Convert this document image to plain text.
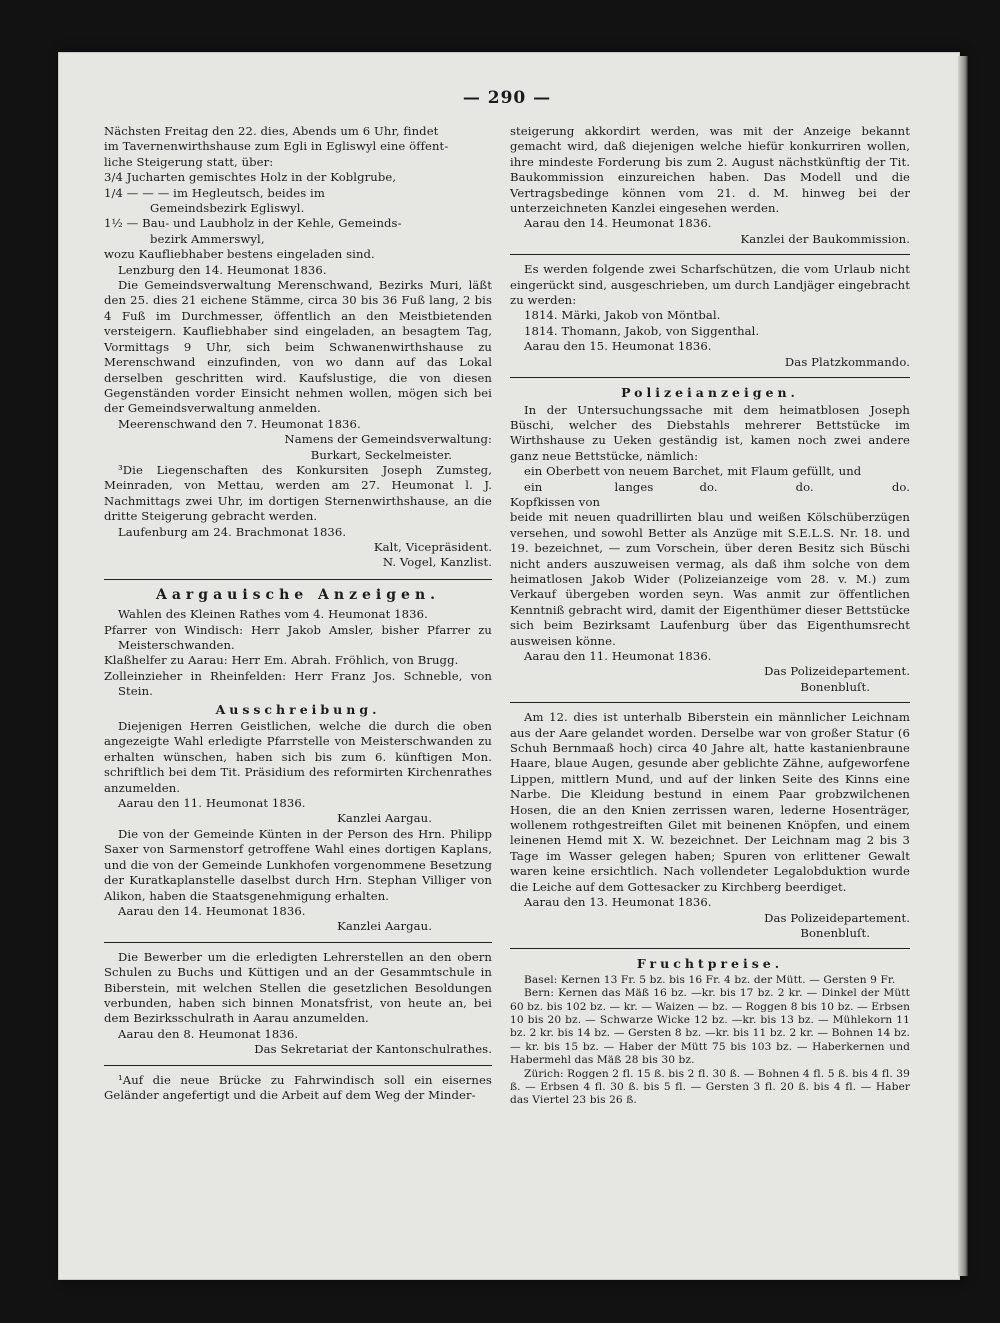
— 290 —

Nächsten Freitag den 22. dies, Abends um 6 Uhr, findet

im Tavernenwirthshause zum Egli in Egliswyl eine öffent-

liche Steigerung statt, über:

3/4 Jucharten gemischtes Holz in der Koblgrube,

1/4 — — — im Hegleutsch, beides im

Gemeindsbezirk Egliswyl.

1½ — Bau- und Laubholz in der Kehle, Gemeinds-

bezirk Ammerswyl,

wozu Kaufliebhaber bestens eingeladen sind.

Lenzburg den 14. Heumonat 1836.

Die Gemeindsverwaltung Merenschwand, Bezirks Muri, läßt den 25. dies 21 eichene Stämme, circa 30 bis 36 Fuß lang, 2 bis 4 Fuß im Durchmesser, öffentlich an den Meistbietenden versteigern. Kaufliebhaber sind eingeladen, an besagtem Tag, Vormittags 9 Uhr, sich beim Schwanenwirthshause zu Merenschwand einzufinden, von wo dann auf das Lokal derselben geschritten wird. Kaufslustige, die von diesen Gegenständen vorder Einsicht nehmen wollen, mögen sich bei der Gemeindsverwaltung anmelden.

Meerenschwand den 7. Heumonat 1836.

Namens der Gemeindsverwaltung:

Burkart, Seckelmeister.

³Die Liegenschaften des Konkursiten Joseph Zumsteg, Meinraden, von Mettau, werden am 27. Heumonat l. J. Nachmittags zwei Uhr, im dortigen Sternenwirthshause, an die dritte Steigerung gebracht werden.

Laufenburg am 24. Brachmonat 1836.

Kalt, Vicepräsident.

N. Vogel, Kanzlist.

Aargauische Anzeigen.

Wahlen des Kleinen Rathes vom 4. Heumonat 1836.

Pfarrer von Windisch: Herr Jakob Amsler, bisher Pfarrer zu Meisterschwanden.

Klaßhelfer zu Aarau: Herr Em. Abrah. Fröhlich, von Brugg.

Zolleinzieher in Rheinfelden: Herr Franz Jos. Schneble, von Stein.

Ausschreibung.

Diejenigen Herren Geistlichen, welche die durch die oben angezeigte Wahl erledigte Pfarrstelle von Meisterschwanden zu erhalten wünschen, haben sich bis zum 6. künftigen Mon. schriftlich bei dem Tit. Präsidium des reformirten Kirchenrathes anzumelden.

Aarau den 11. Heumonat 1836.

Kanzlei Aargau.

Die von der Gemeinde Künten in der Person des Hrn. Philipp Saxer von Sarmenstorf getroffene Wahl eines dortigen Kaplans, und die von der Gemeinde Lunkhofen vorgenommene Besetzung der Kuratkaplanstelle daselbst durch Hrn. Stephan Villiger von Alikon, haben die Staatsgenehmigung erhalten.

Aarau den 14. Heumonat 1836.

Kanzlei Aargau.

Die Bewerber um die erledigten Lehrerstellen an den obern Schulen zu Buchs und Küttigen und an der Gesammtschule in Biberstein, mit welchen Stellen die gesetzlichen Besoldungen verbunden, haben sich binnen Monatsfrist, von heute an, bei dem Bezirksschulrath in Aarau anzumelden.

Aarau den 8. Heumonat 1836.

Das Sekretariat der Kantonschulrathes.

¹Auf die neue Brücke zu Fahrwindisch soll ein eisernes Geländer angefertigt und die Arbeit auf dem Weg der Minder-

steigerung akkordirt werden, was mit der Anzeige bekannt gemacht wird, daß diejenigen welche hiefür konkurriren wollen, ihre mindeste Forderung bis zum 2. August nächstkünftig der Tit. Baukommission einzureichen haben. Das Modell und die Vertragsbedinge können vom 21. d. M. hinweg bei der unterzeichneten Kanzlei eingesehen werden.

Aarau den 14. Heumonat 1836.

Kanzlei der Baukommission.

Es werden folgende zwei Scharfschützen, die vom Urlaub nicht eingerückt sind, ausgeschrieben, um durch Landjäger eingebracht zu werden:

1814. Märki, Jakob von Möntbal.

1814. Thomann, Jakob, von Siggenthal.

Aarau den 15. Heumonat 1836.

Das Platzkommando.

Polizeianzeigen.

In der Untersuchungssache mit dem heimatblosen Joseph Büschi, welcher des Diebstahls mehrerer Bettstücke im Wirthshause zu Ueken geständig ist, kamen noch zwei andere ganz neue Bettstücke, nämlich:

ein Oberbett von neuem Barchet, mit Flaum gefüllt, und

ein langes Kopfkissen von
do.	do.	do.

beide mit neuen quadrillirten blau und weißen Kölschüberzügen versehen, und sowohl Better als Anzüge mit S.E.L.S. Nr. 18. und 19. bezeichnet, — zum Vorschein, über deren Besitz sich Büschi nicht anders auszuweisen vermag, als daß ihm solche von dem heimatlosen Jakob Wider (Polizeianzeige vom 28. v. M.) zum Verkauf übergeben worden seyn. Was anmit zur öffentlichen Kenntniß gebracht wird, damit der Eigenthümer dieser Bettstücke sich beim Bezirksamt Laufenburg über das Eigenthumsrecht ausweisen könne.

Aarau den 11. Heumonat 1836.

Das Polizeidepartement.

Bonenbluſt.

Am 12. dies ist unterhalb Biberstein ein männlicher Leichnam aus der Aare gelandet worden. Derselbe war von großer Statur (6 Schuh Bernmaaß hoch) circa 40 Jahre alt, hatte kastanienbraune Haare, blaue Augen, gesunde aber geblichte Zähne, aufgeworfene Lippen, mittlern Mund, und auf der linken Seite des Kinns eine Narbe. Die Kleidung bestund in einem Paar grobzwilchenen Hosen, die an den Knien zerrissen waren, lederne Hosenträger, wollenem rothgestreiften Gilet mit beinenen Knöpfen, und einem leinenen Hemd mit X. W. bezeichnet. Der Leichnam mag 2 bis 3 Tage im Wasser gelegen haben; Spuren von erlittener Gewalt waren keine ersichtlich. Nach vollendeter Legalobduktion wurde die Leiche auf dem Gottesacker zu Kirchberg beerdiget.

Aarau den 13. Heumonat 1836.

Das Polizeidepartement.

Bonenbluſt.

Fruchtpreise.

Basel: Kernen 13 Fr. 5 bz. bis 16 Fr. 4 bz. der Mütt. — Gersten 9 Fr.

Bern: Kernen das Mäß 16 bz. —kr. bis 17 bz. 2 kr. — Dinkel der Mütt 60 bz. bis 102 bz. — kr. — Waizen — bz. — Roggen 8 bis 10 bz. — Erbsen 10 bis 20 bz. — Schwarze Wicke 12 bz. —kr. bis 13 bz. — Mühlekorn 11 bz. 2 kr. bis 14 bz. — Gersten 8 bz. —kr. bis 11 bz. 2 kr. — Bohnen 14 bz. — kr. bis 15 bz. — Haber der Mütt 75 bis 103 bz. — Haberkernen und Habermehl das Mäß 28 bis 30 bz.

Zürich: Roggen 2 fl. 15 ß. bis 2 fl. 30 ß. — Bohnen 4 fl. 5 ß. bis 4 fl. 39 ß. — Erbsen 4 fl. 30 ß. bis 5 fl. — Gersten 3 fl. 20 ß. bis 4 fl. — Haber das Viertel 23 bis 26 ß.
